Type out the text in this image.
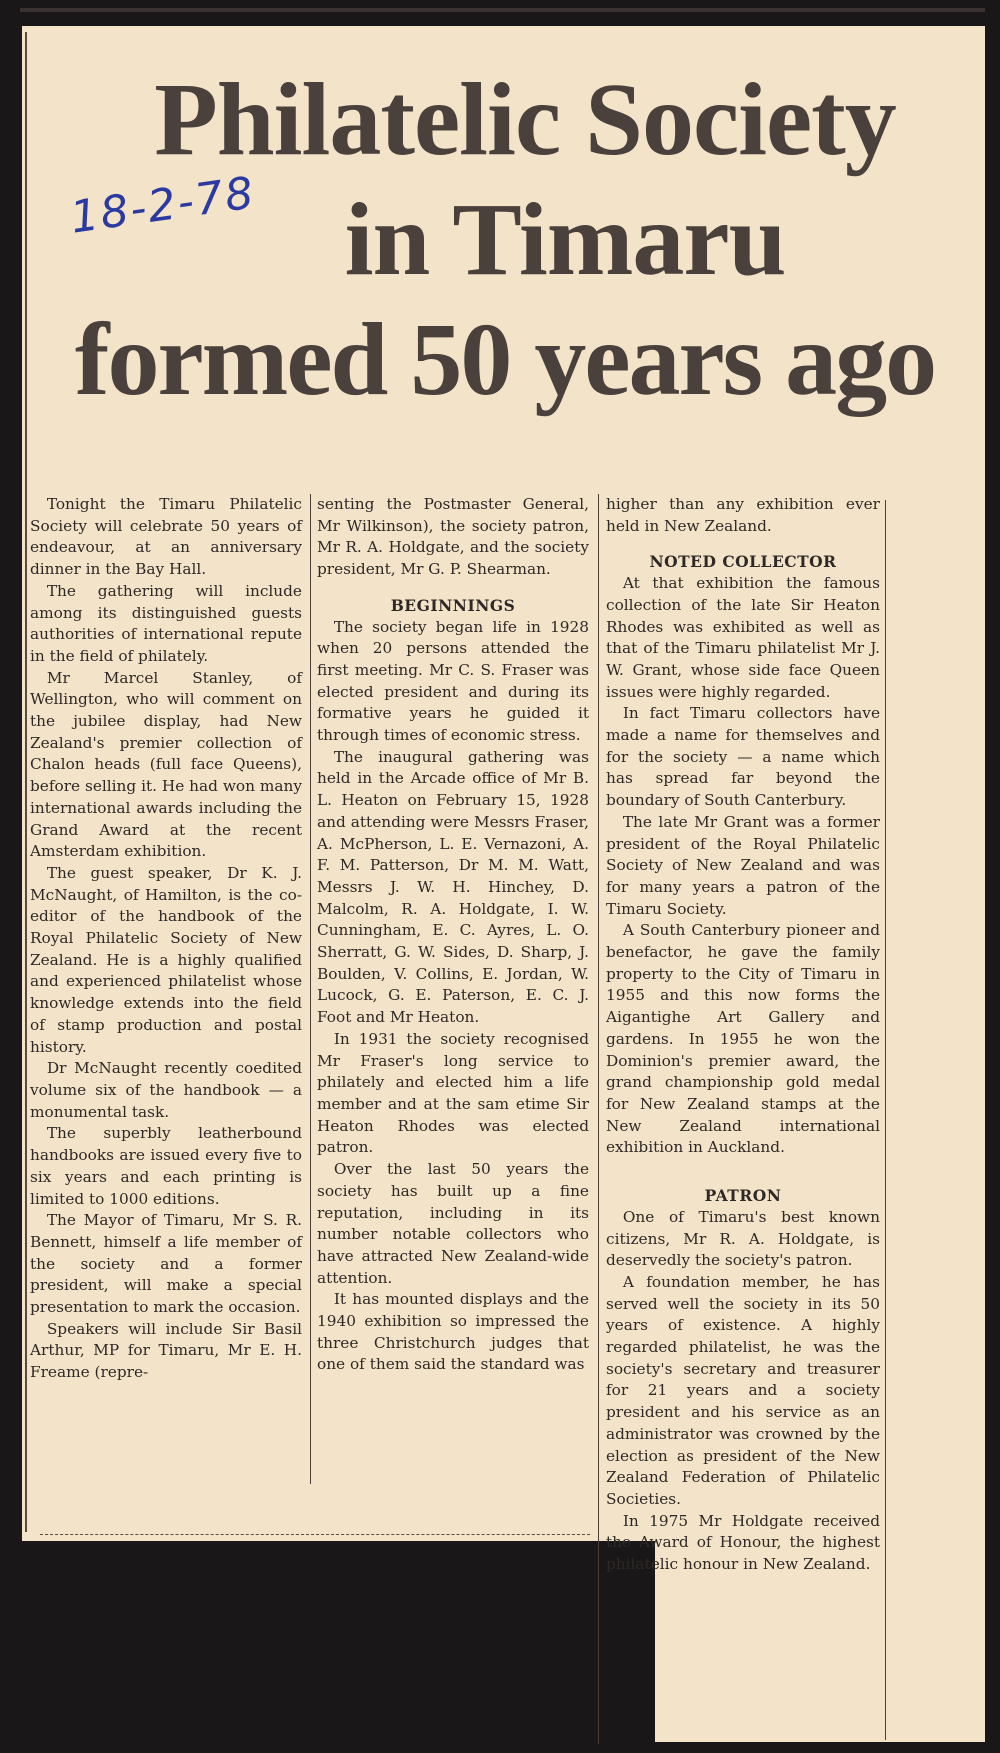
Philatelic Society
in Timaru
formed 50 years ago
18-2-78

Tonight the Timaru Philatelic Society will celebrate 50 years of endeavour, at an anniversary dinner in the Bay Hall.

The gathering will include among its distinguished guests authorities of international repute in the field of philately.

Mr Marcel Stanley, of Wellington, who will comment on the jubilee display, had New Zealand's premier collection of Chalon heads (full face Queens), before selling it. He had won many international awards including the Grand Award at the recent Amsterdam exhibition.

The guest speaker, Dr K. J. McNaught, of Hamilton, is the co-editor of the handbook of the Royal Philatelic Society of New Zealand. He is a highly qualified and experienced philatelist whose knowledge extends into the field of stamp production and postal history.

Dr McNaught recently coedited volume six of the handbook — a monumental task.

The superbly leatherbound handbooks are issued every five to six years and each printing is limited to 1000 editions.

The Mayor of Timaru, Mr S. R. Bennett, himself a life member of the society and a former president, will make a special presentation to mark the occasion.

Speakers will include Sir Basil Arthur, MP for Timaru, Mr E. H. Freame (repre-

senting the Postmaster General, Mr Wilkinson), the society patron, Mr R. A. Holdgate, and the society president, Mr G. P. Shearman.

BEGINNINGS

The society began life in 1928 when 20 persons attended the first meeting. Mr C. S. Fraser was elected president and during its formative years he guided it through times of economic stress.

The inaugural gathering was held in the Arcade office of Mr B. L. Heaton on February 15, 1928 and attending were Messrs Fraser, A. McPherson, L. E. Vernazoni, A. F. M. Patterson, Dr M. M. Watt, Messrs J. W. H. Hinchey, D. Malcolm, R. A. Holdgate, I. W. Cunningham, E. C. Ayres, L. O. Sherratt, G. W. Sides, D. Sharp, J. Boulden, V. Collins, E. Jordan, W. Lucock, G. E. Paterson, E. C. J. Foot and Mr Heaton.

In 1931 the society recognised Mr Fraser's long service to philately and elected him a life member and at the sam etime Sir Heaton Rhodes was elected patron.

Over the last 50 years the society has built up a fine reputation, including in its number notable collectors who have attracted New Zealand-wide attention.

It has mounted displays and the 1940 exhibition so impressed the three Christchurch judges that one of them said the standard was

higher than any exhibition ever held in New Zealand.

NOTED COLLECTOR

At that exhibition the famous collection of the late Sir Heaton Rhodes was exhibited as well as that of the Timaru philatelist Mr J. W. Grant, whose side face Queen issues were highly regarded.

In fact Timaru collectors have made a name for themselves and for the society — a name which has spread far beyond the boundary of South Canterbury.

The late Mr Grant was a former president of the Royal Philatelic Society of New Zealand and was for many years a patron of the Timaru Society.

A South Canterbury pioneer and benefactor, he gave the family property to the City of Timaru in 1955 and this now forms the Aigantighe Art Gallery and gardens. In 1955 he won the Dominion's premier award, the grand championship gold medal for New Zealand stamps at the New Zealand international exhibition in Auckland.

PATRON

One of Timaru's best known citizens, Mr R. A. Holdgate, is deservedly the society's patron.

A foundation member, he has served well the society in its 50 years of existence. A highly regarded philatelist, he was the society's secretary and treasurer for 21 years and a society president and his service as an administrator was crowned by the election as president of the New Zealand Federation of Philatelic Societies.

In 1975 Mr Holdgate received the Award of Honour, the highest philatelic honour in New Zealand.
